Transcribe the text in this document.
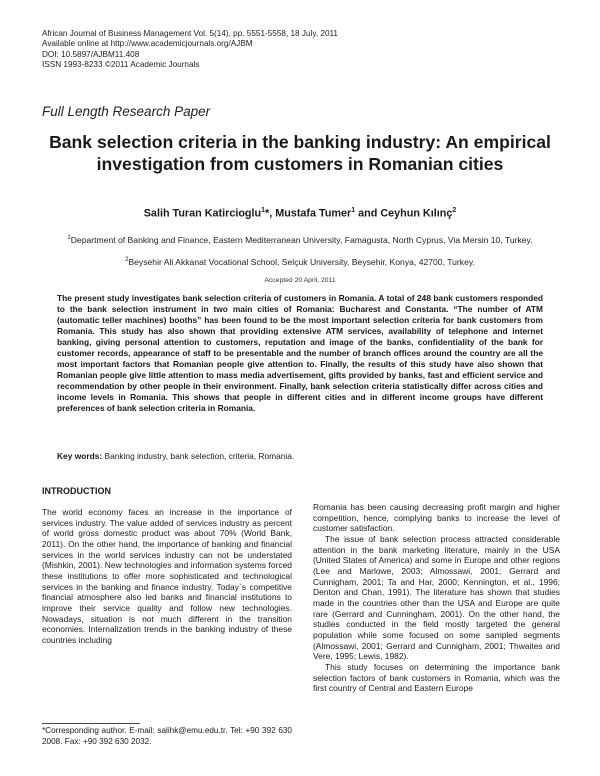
African Journal of Business Management Vol. 5(14), pp. 5551-5558, 18 July, 2011
Available online at http://www.academicjournals.org/AJBM
DOI: 10.5897/AJBM11.408
ISSN 1993-8233 ©2011 Academic Journals
Full Length Research Paper
Bank selection criteria in the banking industry: An empirical investigation from customers in Romanian cities
Salih Turan Katircioglu$^1$*, Mustafa Tumer$^1$ and Ceyhun Kılınç$^2$
$^1$Department of Banking and Finance, Eastern Mediterranean University, Famagusta, North Cyprus, Via Mersin 10, Turkey.
$^2$Beysehir Ali Akkanat Vocational School, Selçuk University, Beysehir, Konya, 42700, Turkey.
Accepted 20 April, 2011
The present study investigates bank selection criteria of customers in Romania. A total of 248 bank customers responded to the bank selection instrument in two main cities of Romania: Bucharest and Constanta. “The number of ATM (automatic teller machines) booths” has been found to be the most important selection criteria for bank customers from Romania. This study has also shown that providing extensive ATM services, availability of telephone and internet banking, giving personal attention to customers, reputation and image of the banks, confidentiality of the bank for customer records, appearance of staff to be presentable and the number of branch offices around the country are all the most important factors that Romanian people give attention to. Finally, the results of this study have also shown that Romanian people give little attention to mass media advertisement, gifts provided by banks, fast and efficient service and recommendation by other people in their environment. Finally, bank selection criteria statistically differ across cities and income levels in Romania. This shows that people in different cities and in different income groups have different preferences of bank selection criteria in Romania.
Key words: Banking industry, bank selection, criteria, Romania.
INTRODUCTION

The world economy faces an increase in the importance of services industry. The value added of services industry as percent of world gross domestic product was about 70% (World Bank, 2011). On the other hand, the importance of banking and financial services in the world services industry can not be understated (Mishkin, 2001). New technologies and information systems forced these institutions to offer more sophisticated and technological services in the banking and finance industry. Today`s competitive financial atmosphere also led banks and financial institutions to improve their service quality and follow new technologies. Nowadays, situation is not much different in the transition economies. Internalization trends in the banking industry of these countries including

Romania has been causing decreasing profit margin and higher competition, hence, complying banks to increase the level of customer satisfaction.

The issue of bank selection process attracted considerable attention in the bank marketing literature, mainly in the USA (United States of America) and some in Europe and other regions (Lee and Marlowe, 2003; Almossawi, 2001; Gerrard and Cunnigham, 2001; Ta and Har, 2000; Kennington, et al., 1996; Denton and Chan, 1991). The literature has shown that studies made in the countries other than the USA and Europe are quite rare (Gerrard and Cunningham, 2001). On the other hand, the studies conducted in the field mostly targeted the general population while some focused on some sampled segments (Almossawi, 2001; Gerrard and Cunnigham, 2001; Thwaites and Vere, 1995; Lewis, 1982).

This study focuses on determining the importance bank selection factors of bank customers in Romania, which was the first country of Central and Eastern Europe

*Corresponding author. E-mail: salihk@emu.edu.tr. Tel: +90 392 630 2008. Fax: +90 392 630 2032.
